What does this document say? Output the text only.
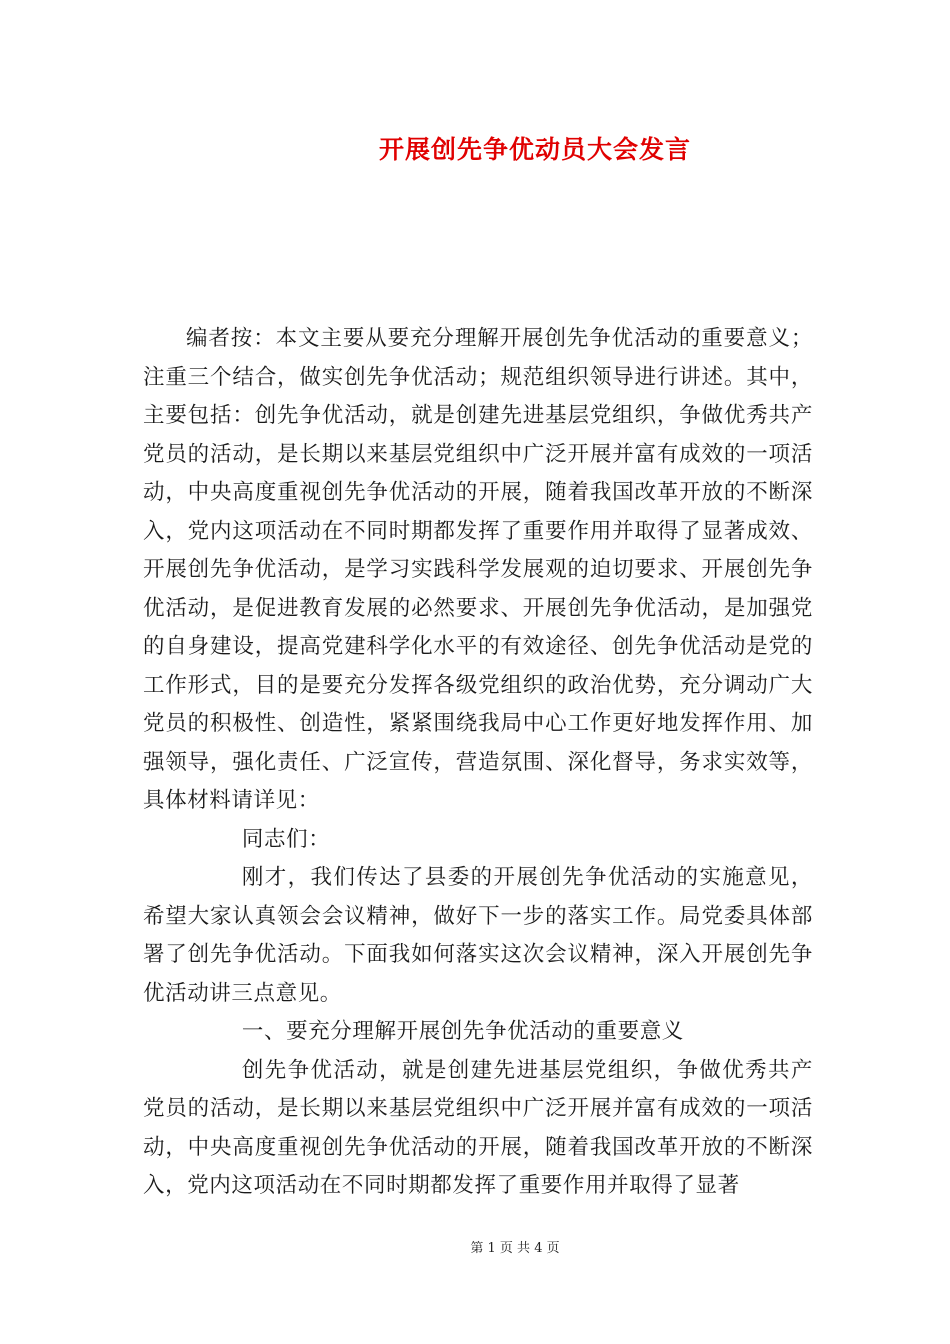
开展创先争优动员大会发言

编者按：本文主要从要充分理解开展创先争优活动的重要意义；注重三个结合，做实创先争优活动；规范组织领导进行讲述。其中，主要包括：创先争优活动，就是创建先进基层党组织，争做优秀共产党员的活动，是长期以来基层党组织中广泛开展并富有成效的一项活动，中央高度重视创先争优活动的开展，随着我国改革开放的不断深入，党内这项活动在不同时期都发挥了重要作用并取得了显著成效、开展创先争优活动，是学习实践科学发展观的迫切要求、开展创先争优活动，是促进教育发展的必然要求、开展创先争优活动，是加强党的自身建设，提高党建科学化水平的有效途径、创先争优活动是党的工作形式，目的是要充分发挥各级党组织的政治优势，充分调动广大党员的积极性、创造性，紧紧围绕我局中心工作更好地发挥作用、加强领导，强化责任、广泛宣传，营造氛围、深化督导，务求实效等，具体材料请详见：

同志们：

刚才，我们传达了县委的开展创先争优活动的实施意见，希望大家认真领会会议精神，做好下一步的落实工作。局党委具体部署了创先争优活动。下面我如何落实这次会议精神，深入开展创先争优活动讲三点意见。

一、要充分理解开展创先争优活动的重要意义

创先争优活动，就是创建先进基层党组织，争做优秀共产党员的活动，是长期以来基层党组织中广泛开展并富有成效的一项活动，中央高度重视创先争优活动的开展，随着我国改革开放的不断深入，党内这项活动在不同时期都发挥了重要作用并取得了显著

第 1 页 共 4 页
